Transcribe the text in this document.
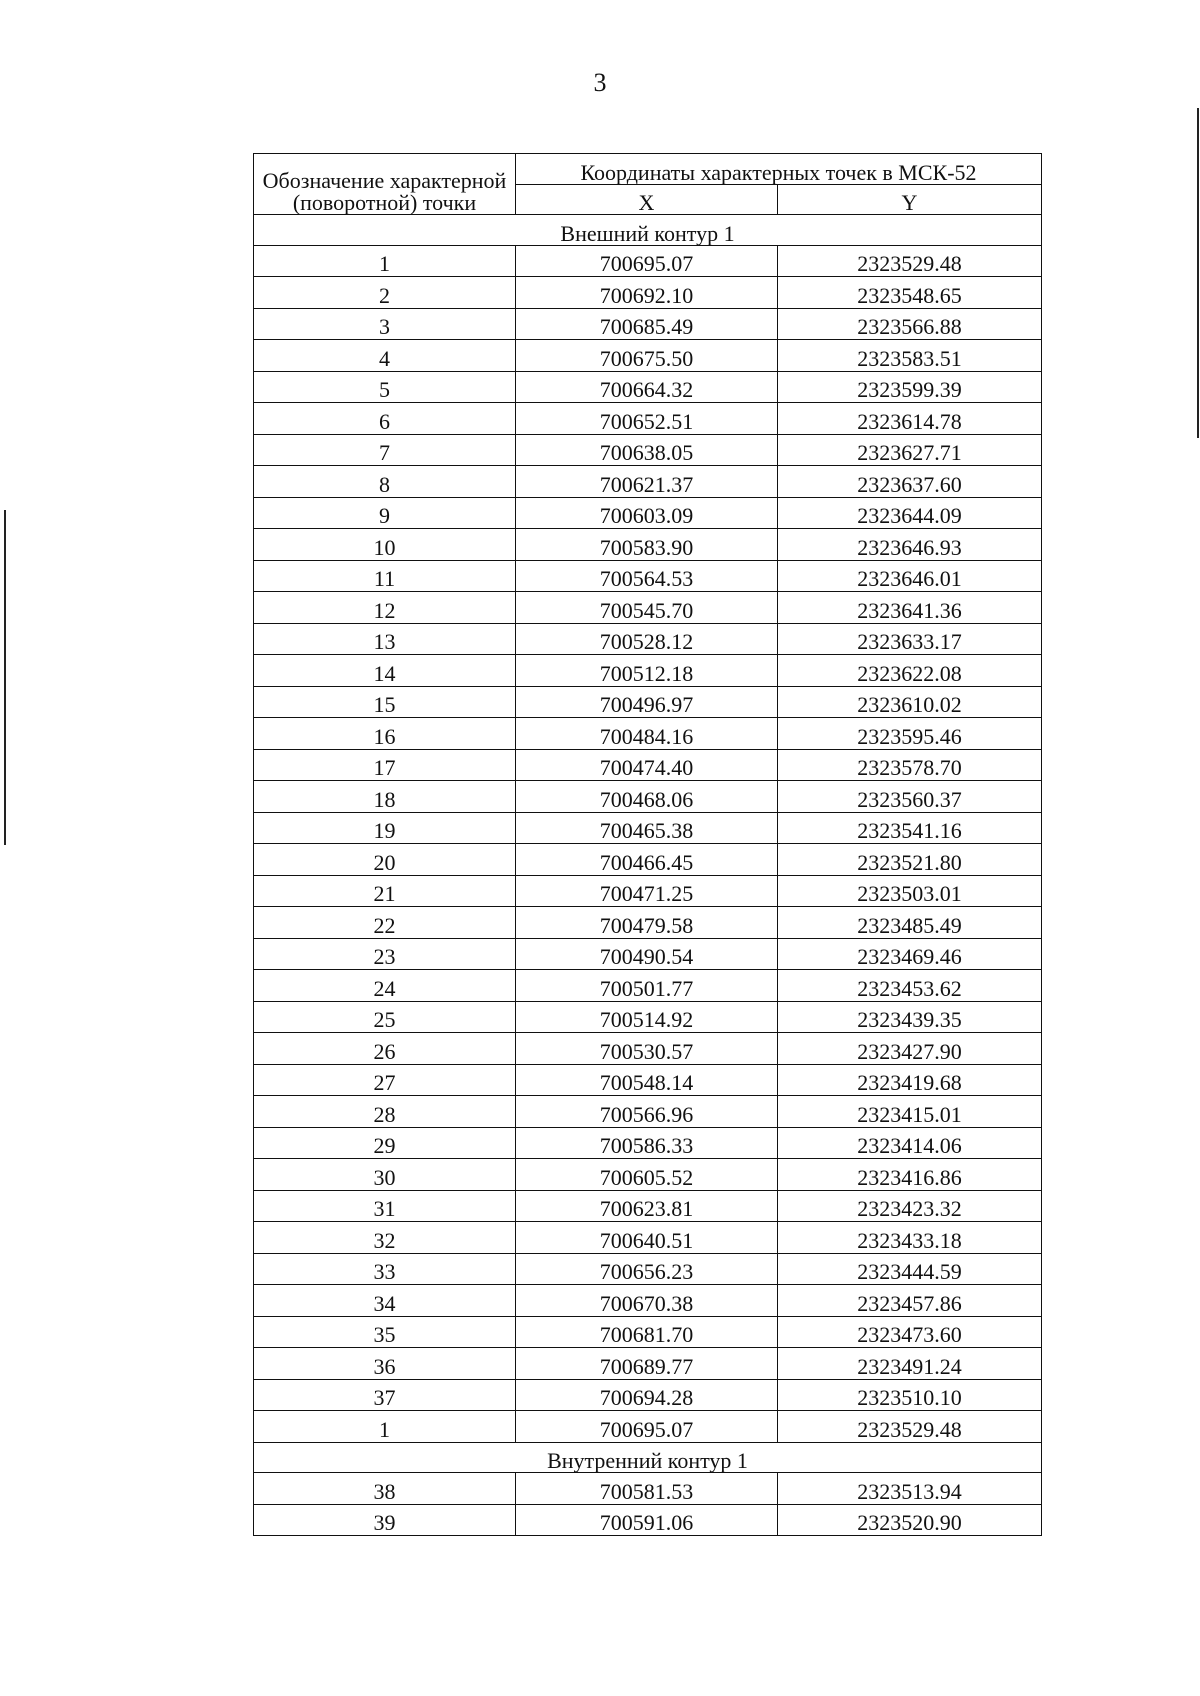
3
Обозначение характерной (поворотной) точки	Координаты характерных точек в МСК-52	
	X	Y
Внешний контур 1		
1	700695.07	2323529.48
2	700692.10	2323548.65
3	700685.49	2323566.88
4	700675.50	2323583.51
5	700664.32	2323599.39
6	700652.51	2323614.78
7	700638.05	2323627.71
8	700621.37	2323637.60
9	700603.09	2323644.09
10	700583.90	2323646.93
11	700564.53	2323646.01
12	700545.70	2323641.36
13	700528.12	2323633.17
14	700512.18	2323622.08
15	700496.97	2323610.02
16	700484.16	2323595.46
17	700474.40	2323578.70
18	700468.06	2323560.37
19	700465.38	2323541.16
20	700466.45	2323521.80
21	700471.25	2323503.01
22	700479.58	2323485.49
23	700490.54	2323469.46
24	700501.77	2323453.62
25	700514.92	2323439.35
26	700530.57	2323427.90
27	700548.14	2323419.68
28	700566.96	2323415.01
29	700586.33	2323414.06
30	700605.52	2323416.86
31	700623.81	2323423.32
32	700640.51	2323433.18
33	700656.23	2323444.59
34	700670.38	2323457.86
35	700681.70	2323473.60
36	700689.77	2323491.24
37	700694.28	2323510.10
1	700695.07	2323529.48
Внутренний контур 1		
38	700581.53	2323513.94
39	700591.06	2323520.90
